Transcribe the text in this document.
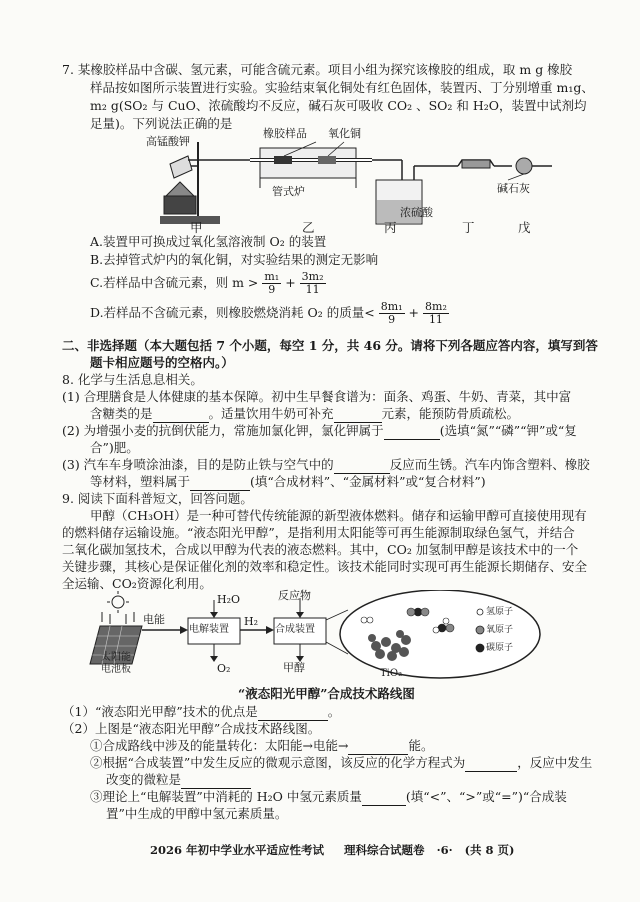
7. 某橡胶样品中含碳、氢元素，可能含硫元素。项目小组为探究该橡胶的组成，取 m g 橡胶
样品按如图所示装置进行实验。实验结束氧化铜处有红色固体，装置丙、丁分别增重 m₁g、
m₂ g(SO₂ 与 CuO、浓硫酸均不反应，碱石灰可吸收 CO₂ 、SO₂ 和 H₂O，装置中试剂均
足量)。下列说法正确的是
高锰酸钾
橡胶样品 氧化铜
管式炉
浓硫酸
碱石灰
甲	乙	丙	丁	戊
A.装置甲可换成过氧化氢溶液制 O₂ 的装置
B.去掉管式炉内的氧化铜，对实验结果的测定无影响
C.若样品中含硫元素，则 $m > \frac{\text{m₁}}{9} + \frac{\text{3m₂}}{11}$
D.若样品不含硫元素，则橡胶燃烧消耗 O₂ 的质量< $\frac{\text{8m₁}}{9} + \frac{\text{8m₂}}{11}$
二、非选择题（本大题包括 7 个小题，每空 1 分，共 46 分。请将下列各题应答内容，填写到答
题卡相应题号的空格内。）
8. 化学与生活息息相关。
(1) 合理膳食是人体健康的基本保障。初中生早餐食谱为：面条、鸡蛋、牛奶、青菜，其中富
含糖类的是	。适量饮用牛奶可补充	元素，能预防骨质疏松。
(2) 为增强小麦的抗倒伏能力，常施加氯化钾，氯化钾属于	(选填“氮”“磷”“钾”或“复
合”)肥。
(3) 汽车车身喷涂油漆，目的是防止铁与空气中的	反应而生锈。汽车内饰含塑料、橡胶
等材料，塑料属于	(填“合成材料”、“金属材料”或“复合材料”)
9. 阅读下面科普短文，回答问题。
甲醇（CH₃OH）是一种可替代传统能源的新型液体燃料。储存和运输甲醇可直接使用现有
的燃料储存运输设施。“液态阳光甲醇”，是指利用太阳能等可再生能源制取绿色氢气，并结合
二氧化碳加氢技术，合成以甲醇为代表的液态燃料。其中，CO₂ 加氢制甲醇是该技术中的一个
关键步骤，其核心是保证催化剂的效率和稳定性。该技术能同时实现可再生能源长期储存、安全
全运输、CO₂资源化利用。
太阳能
电池板
电能
H₂O
电解装置
O₂
H₂
反应物
合成装置
甲醇	TiO₂
氢原子
氧原子
碳原子
“液态阳光甲醇”合成技术路线图
（1）“液态阳光甲醇”技术的优点是	。
（2）上图是“液态阳光甲醇”合成技术路线图。
①合成路线中涉及的能量转化：太阳能→电能→	能。
②根据“合成装置”中发生反应的微观示意图，该反应的化学方程式为	，反应中发生
改变的微粒是
③理论上“电解装置”中消耗的 H₂O 中氢元素质量	(填“<”、“>”或“=”)“合成装
置”中生成的甲醇中氢元素质量。
2026 年初中学业水平适应性考试 理科综合试题卷 ·6· (共 8 页)
